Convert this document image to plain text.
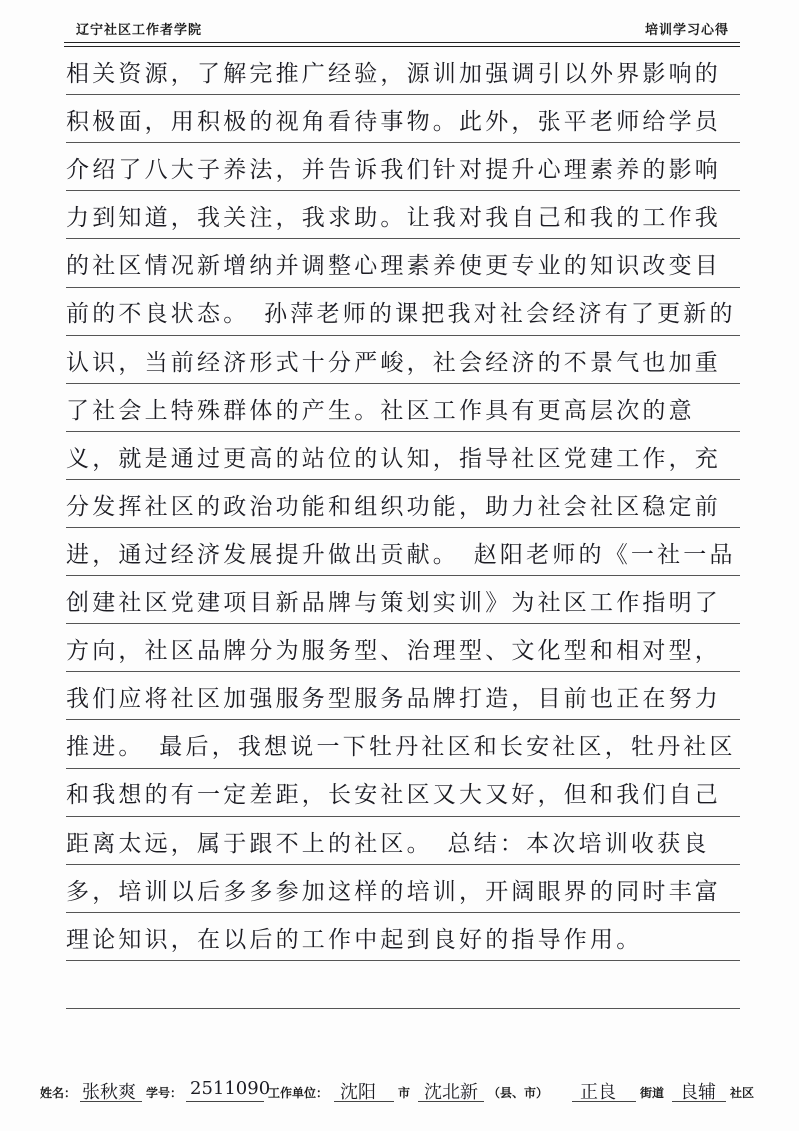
辽宁社区工作者学院	培训学习心得
相关资源，了解完推广经验，源训加强调引以外界影响的积极面，用积极的视角看待事物。此外，张平老师给学员介绍了八大子养法，并告诉我们针对提升心理素养的影响力到知道，我关注，我求助。让我对我自己和我的工作我的社区情况新增纳并调整心理素养使更专业的知识改变目前的不良状态。　孙萍老师的课把我对社会经济有了更新的认识，当前经济形式十分严峻，社会经济的不景气也加重了社会上特殊群体的产生。社区工作具有更高层次的意义，就是通过更高的站位的认知，指导社区党建工作，充分发挥社区的政治功能和组织功能，助力社会社区稳定前进，通过经济发展提升做出贡献。　赵阳老师的《一社一品创建社区党建项目新品牌与策划实训》为社区工作指明了方向，社区品牌分为服务型、治理型、文化型和相对型，我们应将社区加强服务型服务品牌打造，目前也正在努力推进。　最后，我想说一下牡丹社区和长安社区，牡丹社区和我想的有一定差距，长安社区又大又好，但和我们自己距离太远，属于跟不上的社区。　总结：本次培训收获良多，培训以后多多参加这样的培训，开阔眼界的同时丰富理论知识，在以后的工作中起到良好的指导作用。
姓名： 张秋爽 学号： 2511090
工作单位： 沈阳 市 沈北新 （县、市） 正良 街道 良辅 社区
